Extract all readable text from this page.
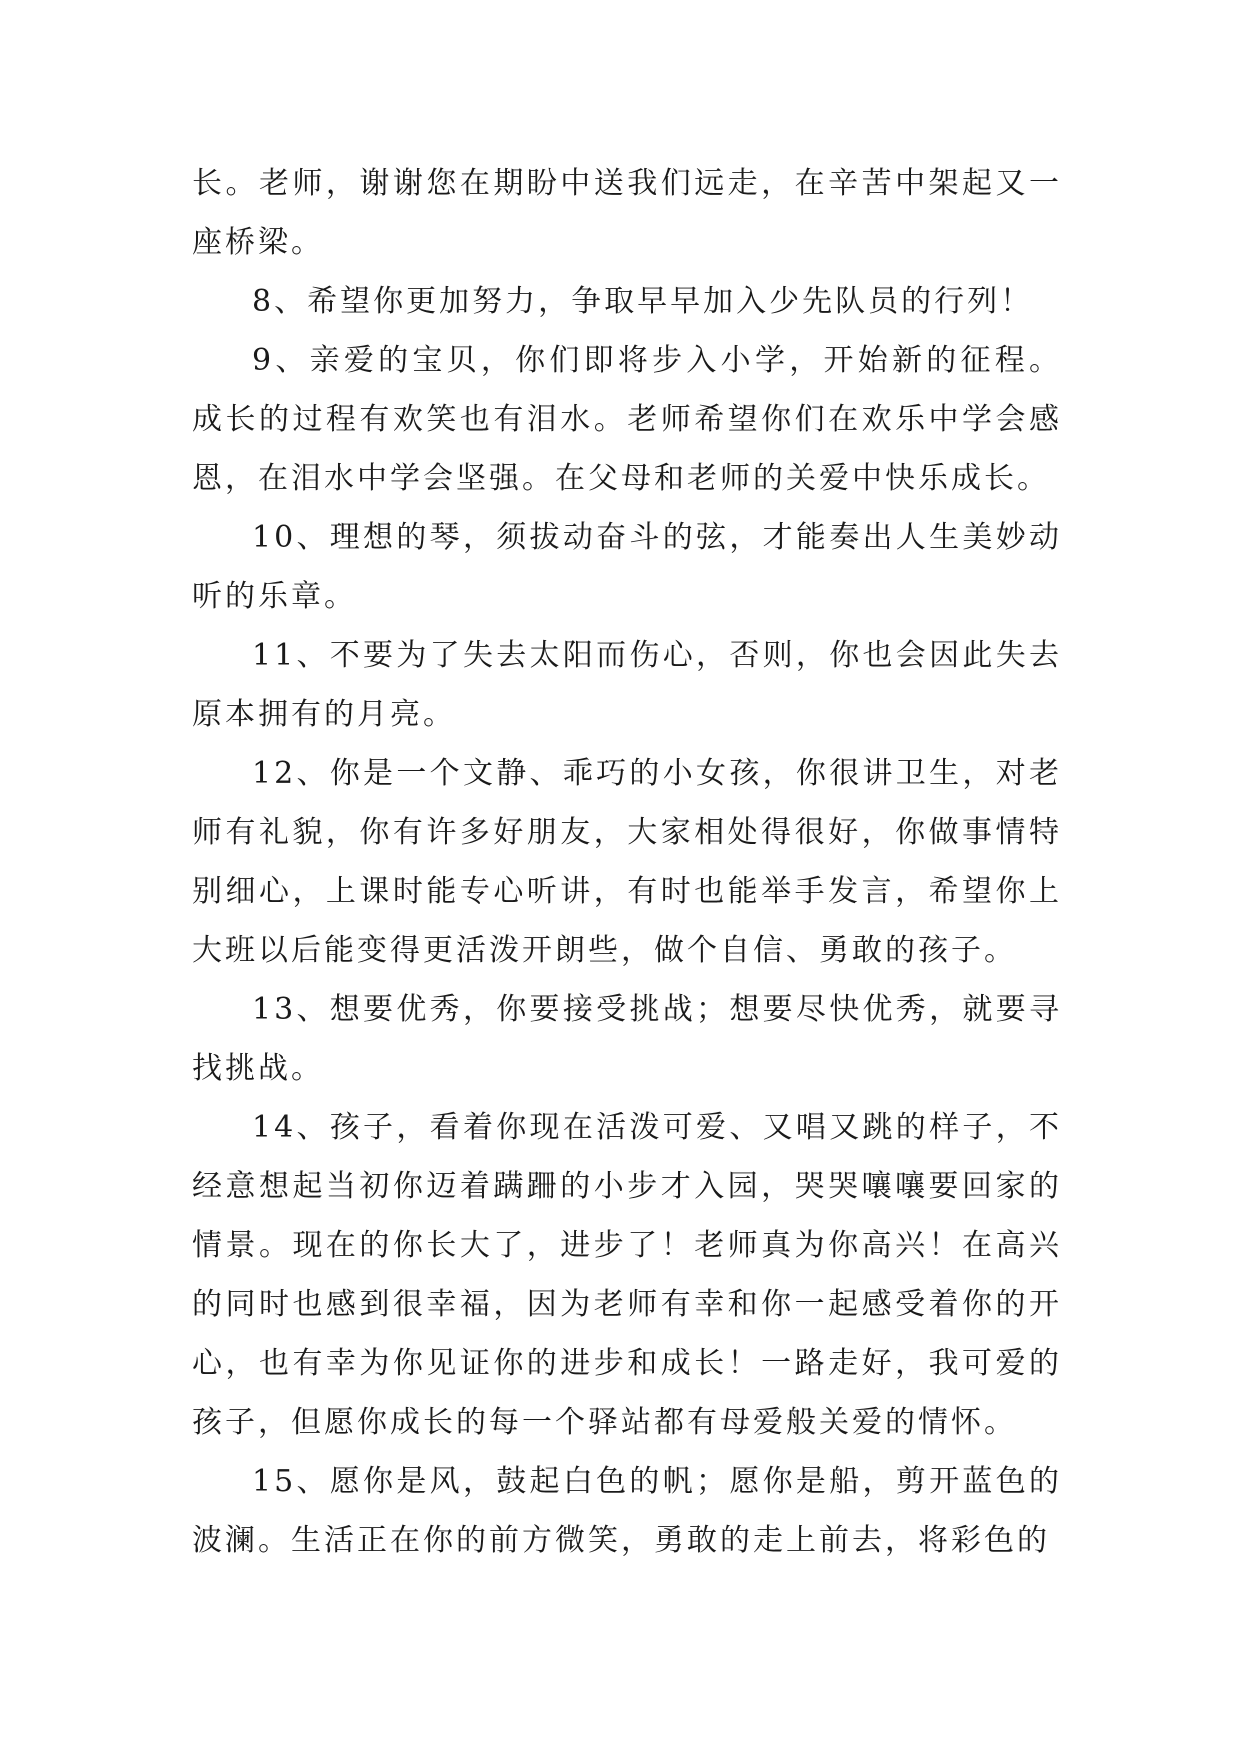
长。老师，谢谢您在期盼中送我们远走，在辛苦中架起又一座桥梁。

8、希望你更加努力，争取早早加入少先队员的行列！

9、亲爱的宝贝，你们即将步入小学，开始新的征程。成长的过程有欢笑也有泪水。老师希望你们在欢乐中学会感恩，在泪水中学会坚强。在父母和老师的关爱中快乐成长。

10、理想的琴，须拔动奋斗的弦，才能奏出人生美妙动听的乐章。

11、不要为了失去太阳而伤心，否则，你也会因此失去原本拥有的月亮。

12、你是一个文静、乖巧的小女孩，你很讲卫生，对老师有礼貌，你有许多好朋友，大家相处得很好，你做事情特别细心，上课时能专心听讲，有时也能举手发言，希望你上大班以后能变得更活泼开朗些，做个自信、勇敢的孩子。

13、想要优秀，你要接受挑战；想要尽快优秀，就要寻找挑战。

14、孩子，看着你现在活泼可爱、又唱又跳的样子，不经意想起当初你迈着蹒跚的小步才入园，哭哭嚷嚷要回家的情景。现在的你长大了，进步了！老师真为你高兴！在高兴的同时也感到很幸福，因为老师有幸和你一起感受着你的开心，也有幸为你见证你的进步和成长！一路走好，我可爱的孩子，但愿你成长的每一个驿站都有母爱般关爱的情怀。

15、愿你是风，鼓起白色的帆；愿你是船，剪开蓝色的波澜。生活正在你的前方微笑，勇敢的走上前去，将彩色的
